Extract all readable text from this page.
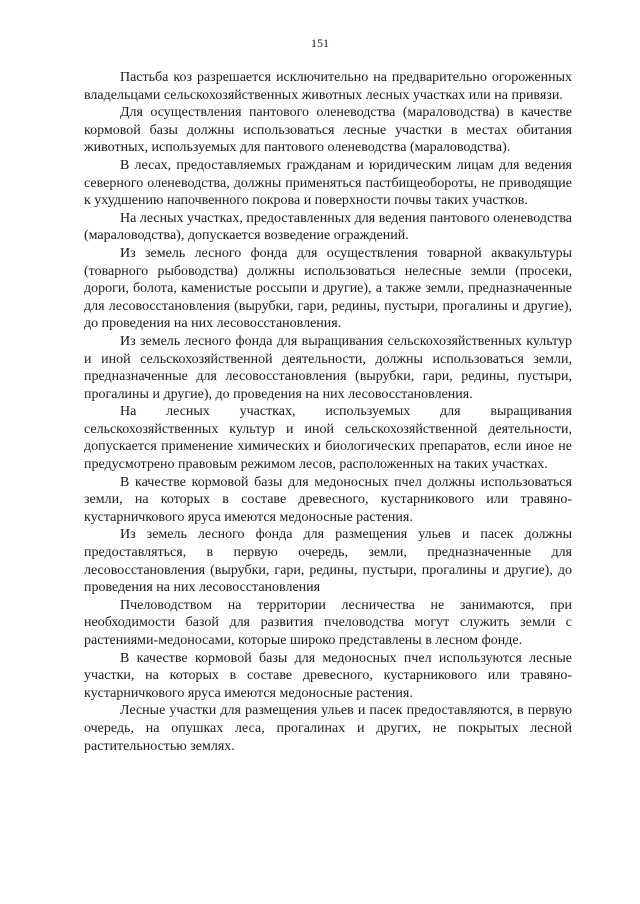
151

Пастьба коз разрешается исключительно на предварительно огороженных владельцами сельскохозяйственных животных лесных участках или на привязи.

Для осуществления пантового оленеводства (мараловодства) в качестве кормовой базы должны использоваться лесные участки в местах обитания животных, используемых для пантового оленеводства (мараловодства).

В лесах, предоставляемых гражданам и юридическим лицам для ведения северного оленеводства, должны применяться пастбищеобороты, не приводящие к ухудшению напочвенного покрова и поверхности почвы таких участков.

На лесных участках, предоставленных для ведения пантового оленеводства (мараловодства), допускается возведение ограждений.

Из земель лесного фонда для осуществления товарной аквакультуры (товарного рыбоводства) должны использоваться нелесные земли (просеки, дороги, болота, каменистые россыпи и другие), а также земли, предназначенные для лесовосстановления (вырубки, гари, редины, пустыри, прогалины и другие), до проведения на них лесовосстановления.

Из земель лесного фонда для выращивания сельскохозяйственных культур и иной сельскохозяйственной деятельности, должны использоваться земли, предназначенные для лесовосстановления (вырубки, гари, редины, пустыри, прогалины и другие), до проведения на них лесовосстановления.

На лесных участках, используемых для выращивания сельскохозяйственных культур и иной сельскохозяйственной деятельности, допускается применение химических и биологических препаратов, если иное не предусмотрено правовым режимом лесов, расположенных на таких участках.

В качестве кормовой базы для медоносных пчел должны использоваться земли, на которых в составе древесного, кустарникового или травяно-кустарничкового яруса имеются медоносные растения.

Из земель лесного фонда для размещения ульев и пасек должны предоставляться, в первую очередь, земли, предназначенные для лесовосстановления (вырубки, гари, редины, пустыри, прогалины и другие), до проведения на них лесовосстановления

Пчеловодством на территории лесничества не занимаются, при необходимости базой для развития пчеловодства могут служить земли с растениями-медоносами, которые широко представлены в лесном фонде.

В качестве кормовой базы для медоносных пчел используются лесные участки, на которых в составе древесного, кустарникового или травяно-кустарничкового яруса имеются медоносные растения.

Лесные участки для размещения ульев и пасек предоставляются, в первую очередь, на опушках леса, прогалинах и других, не покрытых лесной растительностью землях.
